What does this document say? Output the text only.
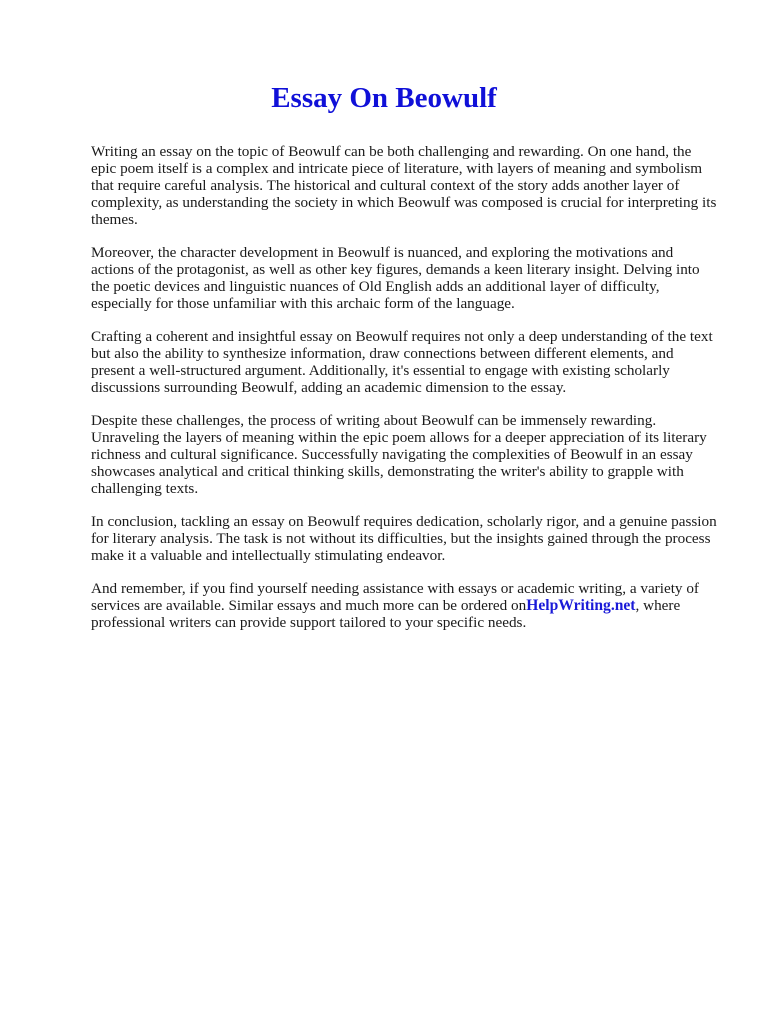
Essay On Beowulf

Writing an essay on the topic of Beowulf can be both challenging and rewarding. On one hand, the epic poem itself is a complex and intricate piece of literature, with layers of meaning and symbolism that require careful analysis. The historical and cultural context of the story adds another layer of complexity, as understanding the society in which Beowulf was composed is crucial for interpreting its themes.

Moreover, the character development in Beowulf is nuanced, and exploring the motivations and actions of the protagonist, as well as other key figures, demands a keen literary insight. Delving into the poetic devices and linguistic nuances of Old English adds an additional layer of difficulty, especially for those unfamiliar with this archaic form of the language.

Crafting a coherent and insightful essay on Beowulf requires not only a deep understanding of the text but also the ability to synthesize information, draw connections between different elements, and present a well-structured argument. Additionally, it's essential to engage with existing scholarly discussions surrounding Beowulf, adding an academic dimension to the essay.

Despite these challenges, the process of writing about Beowulf can be immensely rewarding. Unraveling the layers of meaning within the epic poem allows for a deeper appreciation of its literary richness and cultural significance. Successfully navigating the complexities of Beowulf in an essay showcases analytical and critical thinking skills, demonstrating the writer's ability to grapple with challenging texts.

In conclusion, tackling an essay on Beowulf requires dedication, scholarly rigor, and a genuine passion for literary analysis. The task is not without its difficulties, but the insights gained through the process make it a valuable and intellectually stimulating endeavor.

And remember, if you find yourself needing assistance with essays or academic writing, a variety of services are available. Similar essays and much more can be ordered onHelpWriting.net, where professional writers can provide support tailored to your specific needs.
